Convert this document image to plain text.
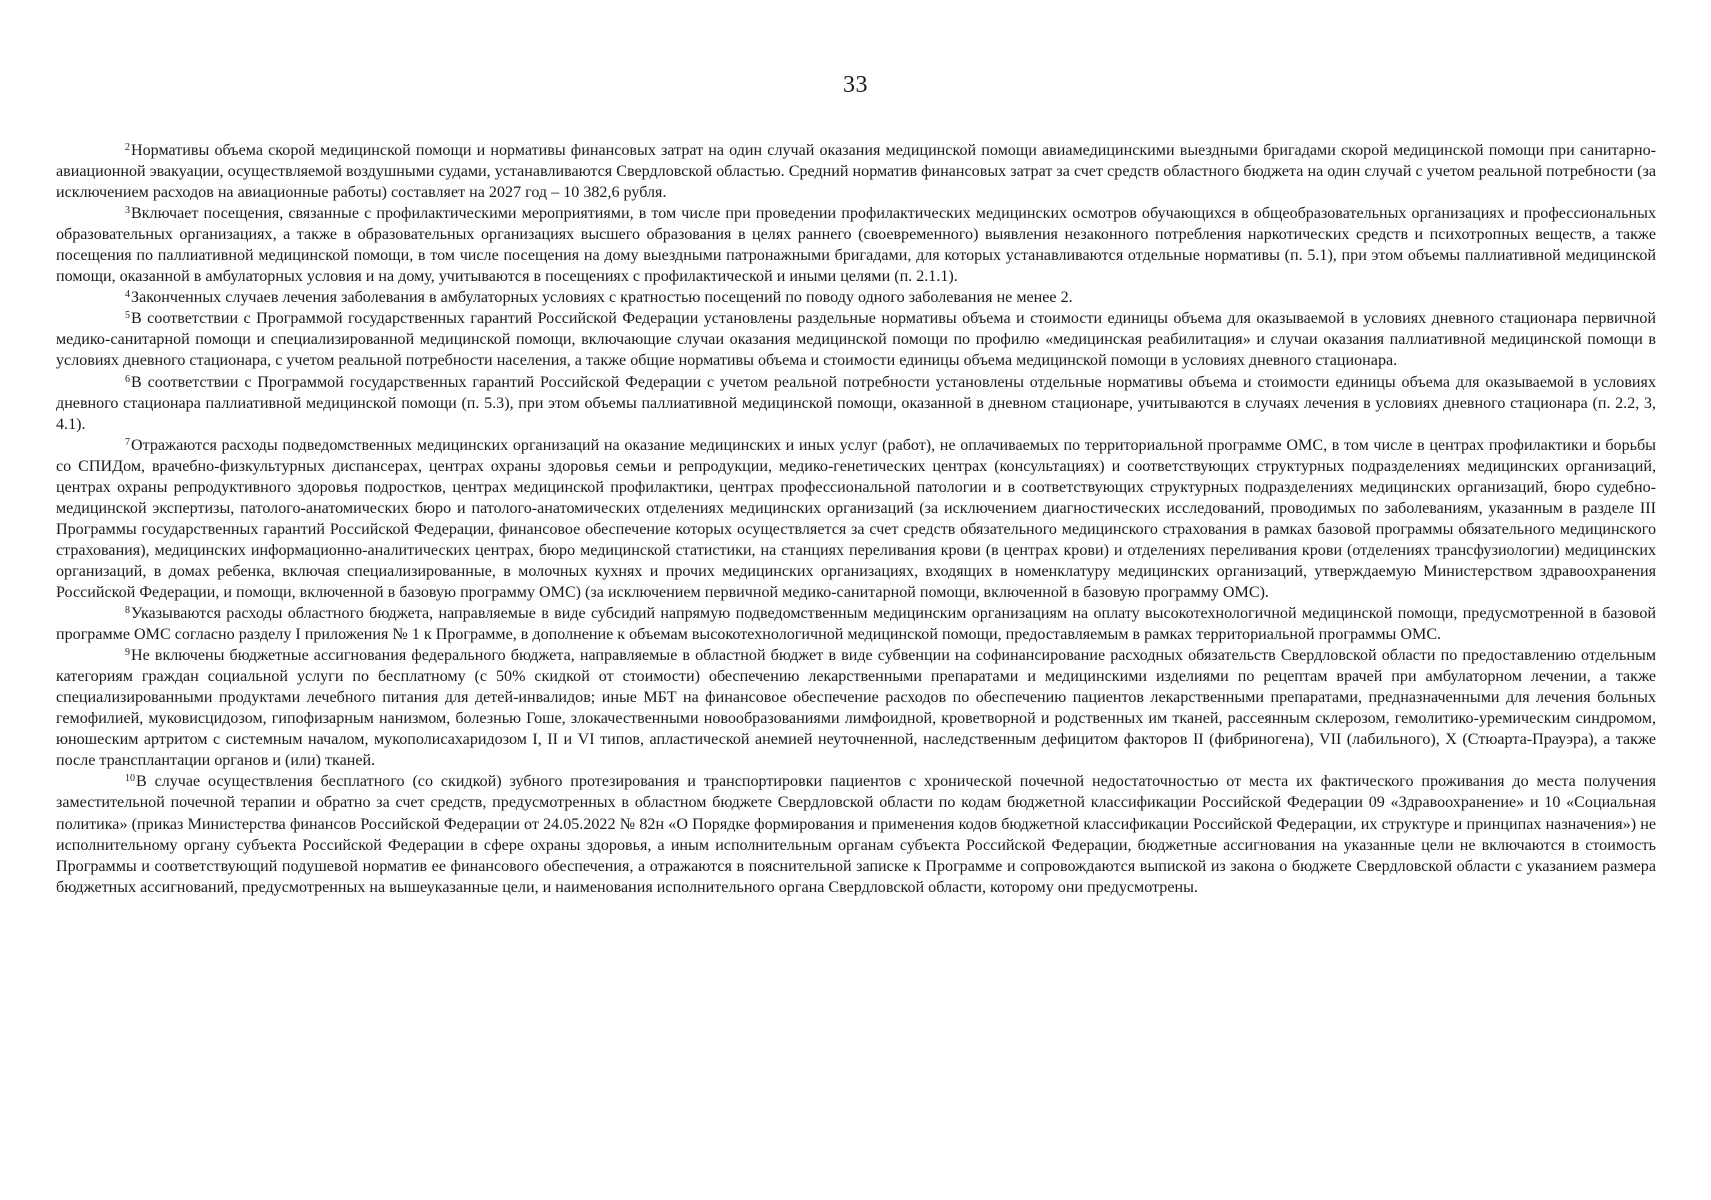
33

$^2$Нормативы объема скорой медицинской помощи и нормативы финансовых затрат на один случай оказания медицинской помощи авиамедицинскими выездными бригадами скорой медицинской помощи при санитарно-авиационной эвакуации, осуществляемой воздушными судами, устанавливаются Свердловской областью. Средний норматив финансовых затрат за счет средств областного бюджета на один случай с учетом реальной потребности (за исключением расходов на авиационные работы) составляет на 2027 год – 10 382,6 рубля.

$^3$Включает посещения, связанные с профилактическими мероприятиями, в том числе при проведении профилактических медицинских осмотров обучающихся в общеобразовательных организациях и профессиональных образовательных организациях, а также в образовательных организациях высшего образования в целях раннего (своевременного) выявления незаконного потребления наркотических средств и психотропных веществ, а также посещения по паллиативной медицинской помощи, в том числе посещения на дому выездными патронажными бригадами, для которых устанавливаются отдельные нормативы (п. 5.1), при этом объемы паллиативной медицинской помощи, оказанной в амбулаторных условия и на дому, учитываются в посещениях с профилактической и иными целями (п. 2.1.1).

$^4$Законченных случаев лечения заболевания в амбулаторных условиях с кратностью посещений по поводу одного заболевания не менее 2.

$^5$В соответствии с Программой государственных гарантий Российской Федерации установлены раздельные нормативы объема и стоимости единицы объема для оказываемой в условиях дневного стационара первичной медико-санитарной помощи и специализированной медицинской помощи, включающие случаи оказания медицинской помощи по профилю «медицинская реабилитация» и случаи оказания паллиативной медицинской помощи в условиях дневного стационара, с учетом реальной потребности населения, а также общие нормативы объема и стоимости единицы объема медицинской помощи в условиях дневного стационара.

$^6$В соответствии с Программой государственных гарантий Российской Федерации с учетом реальной потребности установлены отдельные нормативы объема и стоимости единицы объема для оказываемой в условиях дневного стационара паллиативной медицинской помощи (п. 5.3), при этом объемы паллиативной медицинской помощи, оказанной в дневном стационаре, учитываются в случаях лечения в условиях дневного стационара (п. 2.2, 3, 4.1).

$^7$Отражаются расходы подведомственных медицинских организаций на оказание медицинских и иных услуг (работ), не оплачиваемых по территориальной программе ОМС, в том числе в центрах профилактики и борьбы со СПИДом, врачебно-физкультурных диспансерах, центрах охраны здоровья семьи и репродукции, медико-генетических центрах (консультациях) и соответствующих структурных подразделениях медицинских организаций, центрах охраны репродуктивного здоровья подростков, центрах медицинской профилактики, центрах профессиональной патологии и в соответствующих структурных подразделениях медицинских организаций, бюро судебно-медицинской экспертизы, патолого-анатомических бюро и патолого-анатомических отделениях медицинских организаций (за исключением диагностических исследований, проводимых по заболеваниям, указанным в разделе III Программы государственных гарантий Российской Федерации, финансовое обеспечение которых осуществляется за счет средств обязательного медицинского страхования в рамках базовой программы обязательного медицинского страхования), медицинских информационно-аналитических центрах, бюро медицинской статистики, на станциях переливания крови (в центрах крови) и отделениях переливания крови (отделениях трансфузиологии) медицинских организаций, в домах ребенка, включая специализированные, в молочных кухнях и прочих медицинских организациях, входящих в номенклатуру медицинских организаций, утверждаемую Министерством здравоохранения Российской Федерации, и помощи, включенной в базовую программу ОМС) (за исключением первичной медико-санитарной помощи, включенной в базовую программу ОМС).

$^8$Указываются расходы областного бюджета, направляемые в виде субсидий напрямую подведомственным медицинским организациям на оплату высокотехнологичной медицинской помощи, предусмотренной в базовой программе ОМС согласно разделу I приложения № 1 к Программе, в дополнение к объемам высокотехнологичной медицинской помощи, предоставляемым в рамках территориальной программы ОМС.

$^9$Не включены бюджетные ассигнования федерального бюджета, направляемые в областной бюджет в виде субвенции на софинансирование расходных обязательств Свердловской области по предоставлению отдельным категориям граждан социальной услуги по бесплатному (с 50% скидкой от стоимости) обеспечению лекарственными препаратами и медицинскими изделиями по рецептам врачей при амбулаторном лечении, а также специализированными продуктами лечебного питания для детей-инвалидов; иные МБТ на финансовое обеспечение расходов по обеспечению пациентов лекарственными препаратами, предназначенными для лечения больных гемофилией, муковисцидозом, гипофизарным нанизмом, болезнью Гоше, злокачественными новообразованиями лимфоидной, кроветворной и родственных им тканей, рассеянным склерозом, гемолитико-уремическим синдромом, юношеским артритом с системным началом, мукополисахаридозом I, II и VI типов, апластической анемией неуточненной, наследственным дефицитом факторов II (фибриногена), VII (лабильного), X (Стюарта-Прауэра), а также после трансплантации органов и (или) тканей.

$^{10}$В случае осуществления бесплатного (со скидкой) зубного протезирования и транспортировки пациентов с хронической почечной недостаточностью от места их фактического проживания до места получения заместительной почечной терапии и обратно за счет средств, предусмотренных в областном бюджете Свердловской области по кодам бюджетной классификации Российской Федерации 09 «Здравоохранение» и 10 «Социальная политика» (приказ Министерства финансов Российской Федерации от 24.05.2022 № 82н «О Порядке формирования и применения кодов бюджетной классификации Российской Федерации, их структуре и принципах назначения») не исполнительному органу субъекта Российской Федерации в сфере охраны здоровья, а иным исполнительным органам субъекта Российской Федерации, бюджетные ассигнования на указанные цели не включаются в стоимость Программы и соответствующий подушевой норматив ее финансового обеспечения, а отражаются в пояснительной записке к Программе и сопровождаются выпиской из закона о бюджете Свердловской области с указанием размера бюджетных ассигнований, предусмотренных на вышеуказанные цели, и наименования исполнительного органа Свердловской области, которому они предусмотрены.
